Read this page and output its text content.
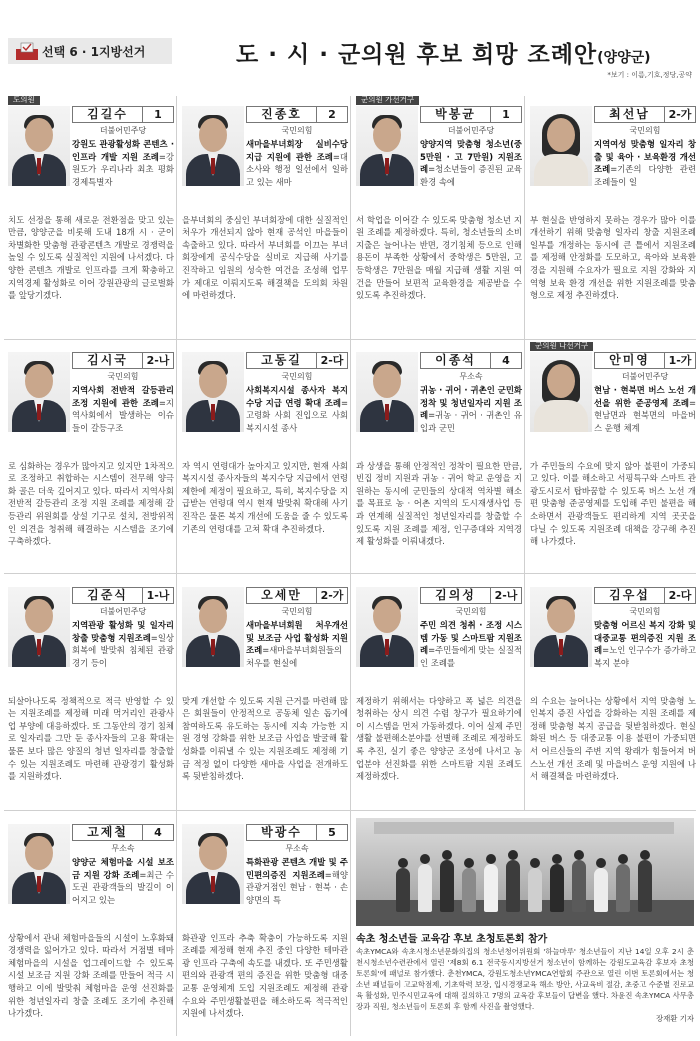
선택 6 · 1지방선거	도 · 시 · 군의원 후보 희망 조례안(양양군)
*보기 : 이름,기호,정당,공약
도의원
김길수	1
더불어민주당
강원도 관광활성화 콘텐츠 · 인프라 개발 지원 조례=강원도가 우리나라 최초 평화경제특별자
치도 선정을 통해 새로운 전환점을 맞고 있는 만큼, 양양군을 비롯해 도내 18개 시 · 군이 차별화한 맞춤형 관광콘텐츠 개발로 경쟁력을 높일 수 있도록 실질적인 지원에 나서겠다. 다양한 콘텐츠 개발로 인프라를 크게 확충하고 지역경제 활성화로 이어 강원관광의 글로벌화를 앞당기겠다.
진종호	2
국민의힘
새마을부녀회장 실비수당 지급 지원에 관한 조례=대소사와 행정 일선에서 일하고 있는 새마
을부녀회의 중심인 부녀회장에 대한 실질적인 처우가 개선되지 않아 현재 공석인 마을들이 속출하고 있다. 따라서 부녀회를 이끄는 부녀회장에게 공식수당을 실비로 지급해 사기를 진작하고 임원의 성숙한 여건을 조성해 업무가 제대로 이뤄지도록 해결책을 도의회 차원에 마련하겠다.
군의원 가선거구
박봉균	1
더불어민주당
양양지역 맞춤형 청소년(중 5만원 · 고 7만원) 지원조례=청소년들이 증진된 교육 환경 속에
서 학업을 이어갈 수 있도록 맞춤형 청소년 지원 조례를 제정하겠다. 특히, 청소년들의 소비 지출은 늘어나는 반면, 경기침체 등으로 인해 용돈이 부족한 상황에서 중학생은 5만원, 고등학생은 7만원을 매월 지급해 생활 지원 여건을 만들어 보편적 교육환경을 제공받을 수 있도록 추진하겠다.
최선남	2-가
국민의힘
지역여성 맞춤형 일자리 창출 및 육아 · 보육환경 개선 조례=기존의 다양한 관련 조례들이 일
부 현실을 반영하지 못하는 경우가 많아 이를 개선하기 위해 맞춤형 일자리 창출 지원조례 일부를 개정하는 동시에 큰 틀에서 지원조례를 제정해 안정화를 도모하고, 육아와 보육환경을 지원해 수요자가 필요로 지원 강화와 지역형 보육 환경 개선을 위한 지원조례를 맞춤형으로 제정 추진하겠다.
김시국	2-나
국민의힘
지역사회 전반적 갈등관리 조정 지원에 관한 조례=지역사회에서 발생하는 이슈들이 갈등구조
로 심화하는 경우가 많아지고 있지만 1차적으로 조정하고 취합하는 시스템이 전무해 양극화 골은 더욱 깊어지고 있다. 따라서 지역사회 전반적 갈등관리 조정 지원 조례를 제정해 갈등관리 위원회를 상설 기구로 설치, 전방위적인 의견을 청취해 해결하는 시스템을 조기에 구축하겠다.
고동길	2-다
국민의힘
사회복지시설 종사자 복지수당 지급 연령 확대 조례=고령화 사회 진입으로 사회복지시설 종사
자 역시 연령대가 높아지고 있지만, 현재 사회복지시설 종사자들의 복지수당 지급에서 연령 제한에 제정이 필요하고, 특히, 복지수당을 지급받는 연령대 역시 현재 발맞춰 확대해 사기 진작은 물론 복지 개선에 도움을 줄 수 있도록 기존의 연령대를 고쳐 확대 추진하겠다.
이종석	4
무소속
귀농 · 귀어 · 귀촌인 군민화 정착 및 청년일자리 지원 조례=귀농 · 귀어 · 귀촌인 유입과 군민
과 상생을 통해 안정적인 정착이 필요한 만큼, 빈집 정비 지원과 귀농 · 귀어 학교 운영을 지원하는 동시에 군민들의 상대적 역차별 해소를 목표로 농 · 어촌 지역의 도시재생사업 등과 연계해 실질적인 청년일자리를 창출할 수 있도록 지원 조례를 제정, 인구증대와 지역경제 활성화를 이뤄내겠다.
군의원 나선거구
안미영	1-가
더불어민주당
현남 · 현북면 버스 노선 개선을 위한 준공영제 조례=현남면과 현북면의 마을버스 운행 체계
가 주민들의 수요에 맞지 않아 불편이 가중되고 있다. 이를 해소하고 서핑특구와 스마트 관광도시로서 탑바꿈할 수 있도록 버스 노선 개편 맞춤형 준공영제를 도입해 주민 불편을 해소하면서 관광객들도 편리하게 지역 곳곳을 다닐 수 있도록 지원조례 대책을 강구해 추진해 나가겠다.
김준식	1-나
더불어민주당
지역관광 활성화 및 일자리 창출 맞춤형 지원조례=일상 회복에 발맞춰 침체된 관광경기 등이
되살아나도록 정책적으로 적극 반영할 수 있는 지원조례를 제정해 미래 먹거리인 관광사업 부양에 대응하겠다. 또 그동안의 경기 침체로 일자리를 그만 둔 종사자들의 고용 확대는 물론 보다 많은 양질의 청년 일자리를 창출할 수 있는 지원조례도 마련해 관광경기 활성화를 지원하겠다.
오세만	2-가
국민의힘
새마을부녀회원 처우개선 및 보조금 사업 활성화 지원 조례=새마을부녀회원들의 처우를 현실에
맞게 개선할 수 있도록 지원 근거를 마련해 많은 회원들이 안정적으로 공동체 일손 돕기에 참여하도록 유도하는 동시에 지속 가능한 지원 경영 강화를 위한 보조금 사업을 발굴해 활성화를 이뤄낼 수 있는 지원조례도 제정해 기금 적정 없이 다양한 새마을 사업을 전개하도록 뒷받침하겠다.
김의성	2-나
국민의힘
주민 의견 청취 · 조정 시스템 가동 및 스마트팜 지원조례=주민들에게 맞는 실질적인 조례를
제정하기 위해서는 다양하고 폭 넓은 의견을 청취하는 상시 의견 수렴 창구가 필요하기에 이 시스템을 먼저 가동하겠다. 이어 실제 주민 생활 불편해소분야를 선별해 조례로 제정하도록 추진, 실기 좋은 양양군 조성에 나서고 농업분야 선진화를 위한 스마트팜 지원 조례도 제정하겠다.
김우섭	2-다
국민의힘
맞춤형 어르신 복지 강화 및 대중교통 편의증진 지원 조례=노인 인구수가 증가하고 복지 분야
의 수요는 늘어나는 상황에서 지역 맞춤형 노인복지 증진 사업을 강화하는 지원 조례를 제정해 맞춤형 복지 공급을 뒷받침하겠다. 현실화된 버스 등 대중교통 이용 불편이 가중되면서 어르신들의 주변 지역 왕래가 힘들어져 버스노선 개선 조례 및 마을버스 운영 지원에 나서 해결책을 마련하겠다.
고제철	4
무소속
양양군 체험마을 시설 보조금 지원 강화 조례=최근 수도권 관광객들의 발길이 이어지고 있는
상황에서 관내 체험마을들의 시설이 노후화돼 경쟁력을 잃어가고 있다. 따라서 거점별 테마체험마을의 시설을 업그레이드할 수 있도록 시설 보조금 지원 강화 조례를 만들어 적극 시행하고 이에 발맞춰 체험마을 운영 선진화를 위한 청년일자리 창출 조례도 조기에 추진해 나가겠다.
박광수	5
무소속
특화관광 콘텐츠 개발 및 주민편의증진 지원조례=해양관광거점인 현남 · 현북 · 손양면의 특
화관광 인프라 추축 확충이 가능하도록 지원 조례를 제정해 현재 추진 중인 다양한 테마관광 인프라 구축에 속도를 내겠다. 또 주민생활 편의와 관광객 편의 증진을 위한 맞춤형 대중교통 운영체계 도입 지원조례도 제정해 관광수요와 주민생활불편을 해소하도록 적극적인 지원에 나서겠다.
속초 청소년들 교육감 후보 초청토론회 참가
속초YMCA와 속초시청소년문화의집의 청소년청어위원회 '하늘마루' 청소년들이 지난 14일 오후 2시 춘천시청소년수련관에서 열린 '제8회 6.1 전국동시지방선거 청소년이 함께하는 강원도교육감 후보자 초청토론회'에 패널로 참가했다. 춘천YMCA, 강원도청소년YMCA연합회 주관으로 열린 이번 토론회에서는 청소년 패널들이 고교학점제, 기초학력 보장, 입시경쟁교육 해소 방안, 사교육비 절감, 초중고 수준별 진로교육 활성화, 민주시민교육에 대해 질의하고 7명의 교육감 후보들이 답변을 했다. 차윤진 속초YMCA 사무총장과 직원, 청소년들이 토론회 후 함께 사진을 촬영했다.
장재환 기자
